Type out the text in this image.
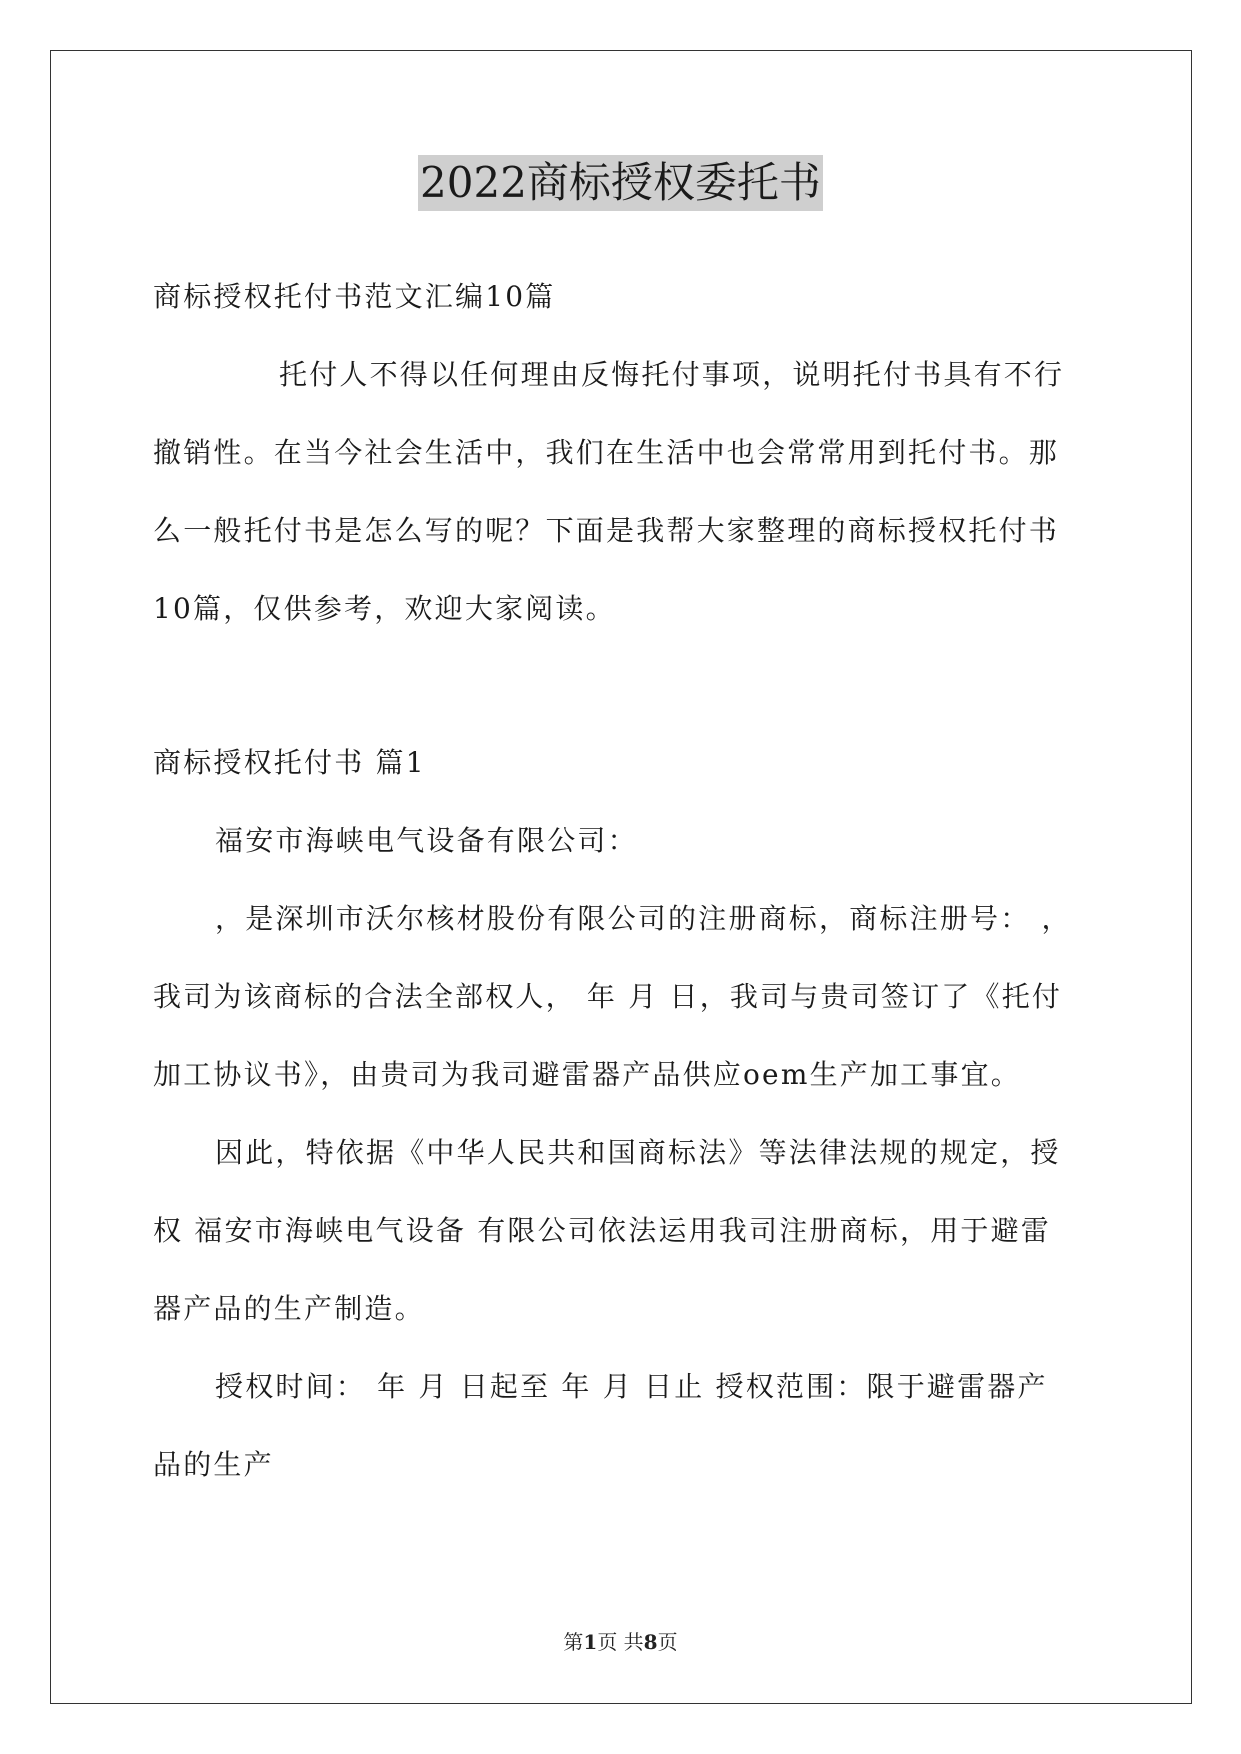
2022商标授权委托书
商标授权托付书范文汇编10篇
托付人不得以任何理由反悔托付事项，说明托付书具有不行
撤销性。在当今社会生活中，我们在生活中也会常常用到托付书。那
么一般托付书是怎么写的呢？下面是我帮大家整理的商标授权托付书
10篇，仅供参考，欢迎大家阅读。
商标授权托付书 篇1
福安市海峡电气设备有限公司：
，是深圳市沃尔核材股份有限公司的注册商标，商标注册号： ，
我司为该商标的合法全部权人， 年 月 日，我司与贵司签订了《托付
加工协议书》，由贵司为我司避雷器产品供应oem生产加工事宜。
因此，特依据《中华人民共和国商标法》等法律法规的规定，授
权 福安市海峡电气设备 有限公司依法运用我司注册商标，用于避雷
器产品的生产制造。
授权时间： 年 月 日起至 年 月 日止 授权范围：限于避雷器产
品的生产
第1页 共8页
